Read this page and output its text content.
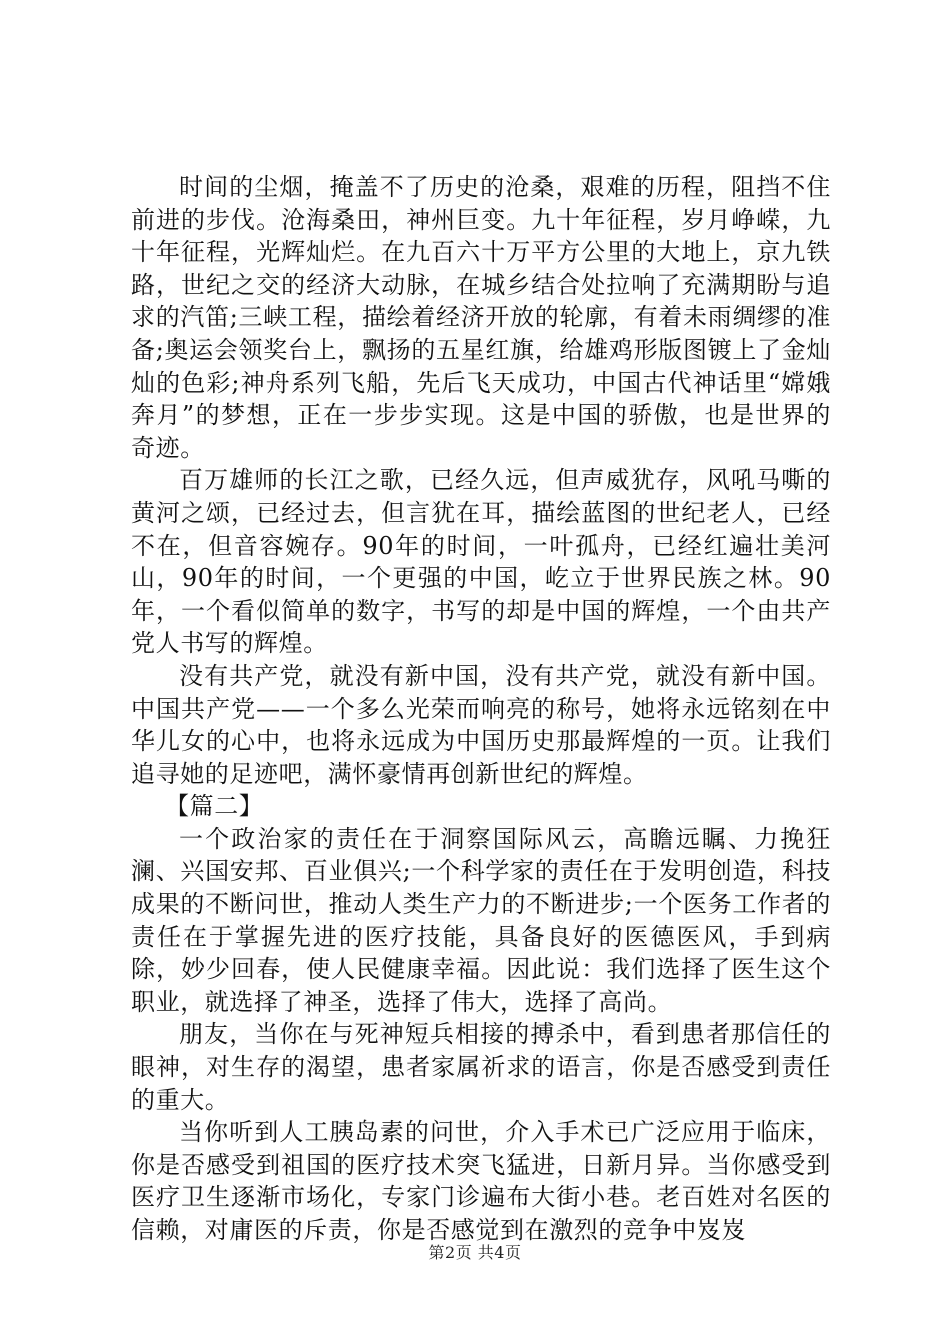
时间的尘烟，掩盖不了历史的沧桑，艰难的历程，阻挡不住前进的步伐。沧海桑田，神州巨变。九十年征程，岁月峥嵘，九十年征程，光辉灿烂。在九百六十万平方公里的大地上，京九铁路，世纪之交的经济大动脉，在城乡结合处拉响了充满期盼与追求的汽笛;三峡工程，描绘着经济开放的轮廓，有着未雨绸缪的准备;奥运会领奖台上，飘扬的五星红旗，给雄鸡形版图镀上了金灿灿的色彩;神舟系列飞船，先后飞天成功，中国古代神话里“嫦娥奔月”的梦想，正在一步步实现。这是中国的骄傲，也是世界的奇迹。

百万雄师的长江之歌，已经久远，但声威犹存，风吼马嘶的黄河之颂，已经过去，但言犹在耳，描绘蓝图的世纪老人，已经不在，但音容婉存。90年的时间，一叶孤舟，已经红遍壮美河山，90年的时间，一个更强的中国，屹立于世界民族之林。90年，一个看似简单的数字，书写的却是中国的辉煌，一个由共产党人书写的辉煌。

没有共产党，就没有新中国，没有共产党，就没有新中国。中国共产党——一个多么光荣而响亮的称号，她将永远铭刻在中华儿女的心中，也将永远成为中国历史那最辉煌的一页。让我们追寻她的足迹吧，满怀豪情再创新世纪的辉煌。

【篇二】

一个政治家的责任在于洞察国际风云，高瞻远瞩、力挽狂澜、兴国安邦、百业俱兴;一个科学家的责任在于发明创造，科技成果的不断问世，推动人类生产力的不断进步;一个医务工作者的责任在于掌握先进的医疗技能，具备良好的医德医风，手到病除，妙少回春，使人民健康幸福。因此说：我们选择了医生这个职业，就选择了神圣，选择了伟大，选择了高尚。

朋友，当你在与死神短兵相接的搏杀中，看到患者那信任的眼神，对生存的渴望，患者家属祈求的语言，你是否感受到责任的重大。

当你听到人工胰岛素的问世，介入手术已广泛应用于临床，你是否感受到祖国的医疗技术突飞猛进，日新月异。当你感受到医疗卫生逐渐市场化，专家门诊遍布大街小巷。老百姓对名医的信赖，对庸医的斥责，你是否感觉到在激烈的竞争中岌岌

第2页 共4页
